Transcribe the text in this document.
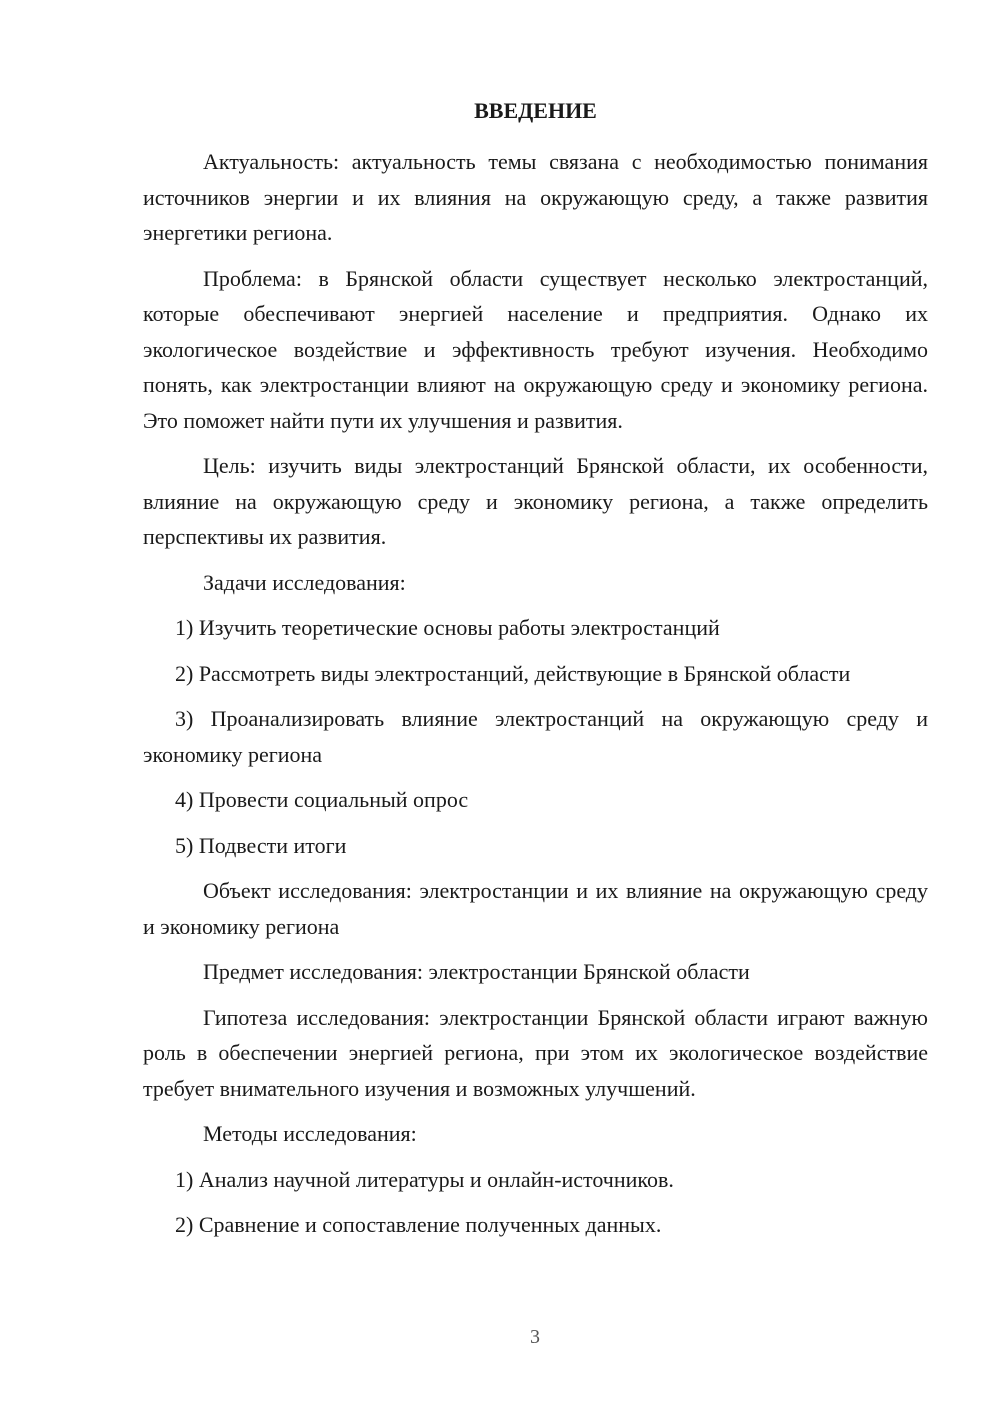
ВВЕДЕНИЕ

Актуальность: актуальность темы связана с необходимостью понимания источников энергии и их влияния на окружающую среду, а также развития энергетики региона.

Проблема: в Брянской области существует несколько электростанций, которые обеспечивают энергией население и предприятия. Однако их экологическое воздействие и эффективность требуют изучения. Необходимо понять, как электростанции влияют на окружающую среду и экономику региона. Это поможет найти пути их улучшения и развития.

Цель: изучить виды электростанций Брянской области, их особенности, влияние на окружающую среду и экономику региона, а также определить перспективы их развития.

Задачи исследования:

1) Изучить теоретические основы работы электростанций

2) Рассмотреть виды электростанций, действующие в Брянской области

3) Проанализировать влияние электростанций на окружающую среду и экономику региона

4) Провести социальный опрос

5) Подвести итоги

Объект исследования: электростанции и их влияние на окружающую среду и экономику региона

Предмет исследования: электростанции Брянской области

Гипотеза исследования: электростанции Брянской области играют важную роль в обеспечении энергией региона, при этом их экологическое воздействие требует внимательного изучения и возможных улучшений.

Методы исследования:

1) Анализ научной литературы и онлайн-источников.

2) Сравнение и сопоставление полученных данных.

3
